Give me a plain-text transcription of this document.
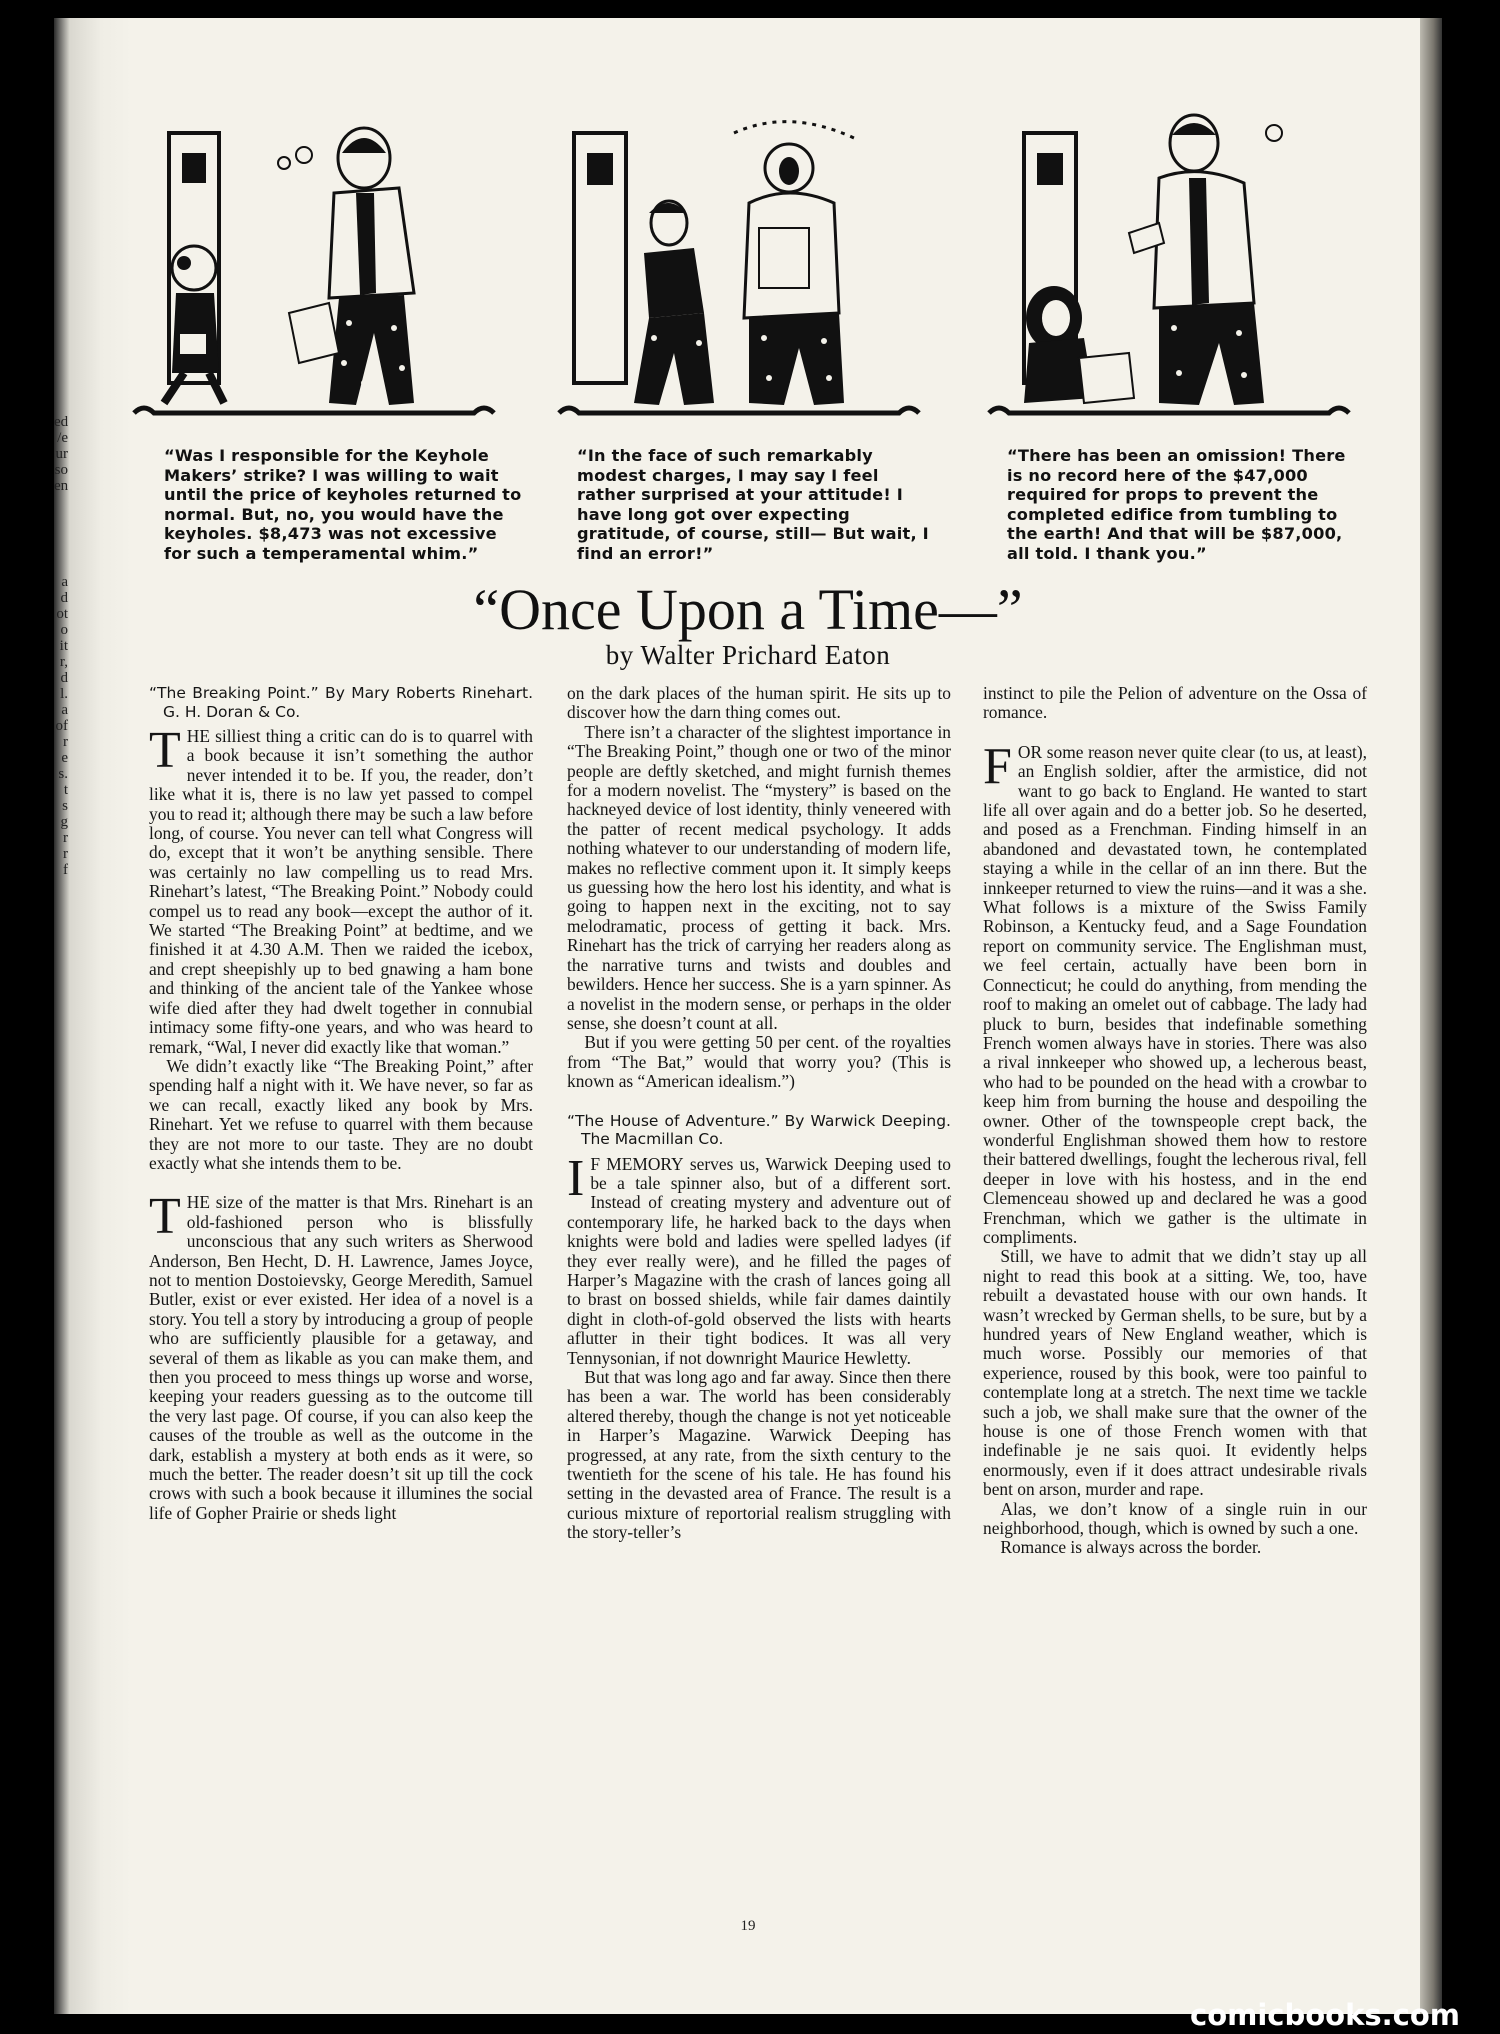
ed
/e
ur
so
en
a
d
ot
o
it
r,
d
l.
a
of
r
e
s.
t
s
g
r
r
f
“Was I responsible for the Keyhole Makers’ strike? I was willing to wait until the price of keyholes returned to normal. But, no, you would have the keyholes. $8,473 was not excessive for such a temperamental whim.”
“In the face of such remarkably modest charges, I may say I feel rather surprised at your attitude! I have long got over expecting gratitude, of course, still— But wait, I find an error!”
“There has been an omission! There is no record here of the $47,000 required for props to prevent the completed edifice from tumbling to the earth! And that will be $87,000, all told. I thank you.”
“Once Upon a Time—”
by Walter Prichard Eaton

“The Breaking Point.” By Mary Roberts Rinehart. G. H. Doran & Co.

THE silliest thing a critic can do is to quarrel with a book because it isn’t something the author never intended it to be. If you, the reader, don’t like what it is, there is no law yet passed to compel you to read it; although there may be such a law before long, of course. You never can tell what Congress will do, except that it won’t be anything sensible. There was certainly no law compelling us to read Mrs. Rinehart’s latest, “The Breaking Point.” Nobody could compel us to read any book—except the author of it. We started “The Breaking Point” at bedtime, and we finished it at 4.30 A.M. Then we raided the icebox, and crept sheepishly up to bed gnawing a ham bone and thinking of the ancient tale of the Yankee whose wife died after they had dwelt together in connubial intimacy some fifty-one years, and who was heard to remark, “Wal, I never did exactly like that woman.”

We didn’t exactly like “The Breaking Point,” after spending half a night with it. We have never, so far as we can recall, exactly liked any book by Mrs. Rinehart. Yet we refuse to quarrel with them because they are not more to our taste. They are no doubt exactly what she intends them to be.

THE size of the matter is that Mrs. Rinehart is an old-fashioned person who is blissfully unconscious that any such writers as Sherwood Anderson, Ben Hecht, D. H. Lawrence, James Joyce, not to mention Dostoievsky, George Meredith, Samuel Butler, exist or ever existed. Her idea of a novel is a story. You tell a story by introducing a group of people who are sufficiently plausible for a getaway, and several of them as likable as you can make them, and then you proceed to mess things up worse and worse, keeping your readers guessing as to the outcome till the very last page. Of course, if you can also keep the causes of the trouble as well as the outcome in the dark, establish a mystery at both ends as it were, so much the better. The reader doesn’t sit up till the cock crows with such a book because it illumines the social life of Gopher Prairie or sheds light

on the dark places of the human spirit. He sits up to discover how the darn thing comes out.

There isn’t a character of the slightest importance in “The Breaking Point,” though one or two of the minor people are deftly sketched, and might furnish themes for a modern novelist. The “mystery” is based on the hackneyed device of lost identity, thinly veneered with the patter of recent medical psychology. It adds nothing whatever to our understanding of modern life, makes no reflective comment upon it. It simply keeps us guessing how the hero lost his identity, and what is going to happen next in the exciting, not to say melodramatic, process of getting it back. Mrs. Rinehart has the trick of carrying her readers along as the narrative turns and twists and doubles and bewilders. Hence her success. She is a yarn spinner. As a novelist in the modern sense, or perhaps in the older sense, she doesn’t count at all.

But if you were getting 50 per cent. of the royalties from “The Bat,” would that worry you? (This is known as “American idealism.”)

“The House of Adventure.” By Warwick Deeping. The Macmillan Co.

I F MEMORY serves us, Warwick Deeping used to be a tale spinner also, but of a different sort. Instead of creating mystery and adventure out of contemporary life, he harked back to the days when knights were bold and ladies were spelled ladyes (if they ever really were), and he filled the pages of Harper’s Magazine with the crash of lances going all to brast on bossed shields, while fair dames daintily dight in cloth-of-gold observed the lists with hearts aflutter in their tight bodices. It was all very Tennysonian, if not downright Maurice Hewletty.

But that was long ago and far away. Since then there has been a war. The world has been considerably altered thereby, though the change is not yet noticeable in Harper’s Magazine. Warwick Deeping has progressed, at any rate, from the sixth century to the twentieth for the scene of his tale. He has found his setting in the devasted area of France. The result is a curious mixture of reportorial realism struggling with the story-teller’s

instinct to pile the Pelion of adventure on the Ossa of romance.

FOR some reason never quite clear (to us, at least), an English soldier, after the armistice, did not want to go back to England. He wanted to start life all over again and do a better job. So he deserted, and posed as a Frenchman. Finding himself in an abandoned and devastated town, he contemplated staying a while in the cellar of an inn there. But the innkeeper returned to view the ruins—and it was a she. What follows is a mixture of the Swiss Family Robinson, a Kentucky feud, and a Sage Foundation report on community service. The Englishman must, we feel certain, actually have been born in Connecticut; he could do anything, from mending the roof to making an omelet out of cabbage. The lady had pluck to burn, besides that indefinable something French women always have in stories. There was also a rival innkeeper who showed up, a lecherous beast, who had to be pounded on the head with a crowbar to keep him from burning the house and despoiling the owner. Other of the townspeople crept back, the wonderful Englishman showed them how to restore their battered dwellings, fought the lecherous rival, fell deeper in love with his hostess, and in the end Clemenceau showed up and declared he was a good Frenchman, which we gather is the ultimate in compliments.

Still, we have to admit that we didn’t stay up all night to read this book at a sitting. We, too, have rebuilt a devastated house with our own hands. It wasn’t wrecked by German shells, to be sure, but by a hundred years of New England weather, which is much worse. Possibly our memories of that experience, roused by this book, were too painful to contemplate long at a stretch. The next time we tackle such a job, we shall make sure that the owner of the house is one of those French women with that indefinable je ne sais quoi. It evidently helps enormously, even if it does attract undesirable rivals bent on arson, murder and rape.

Alas, we don’t know of a single ruin in our neighborhood, though, which is owned by such a one.

Romance is always across the border.

19
comicbooks.com
